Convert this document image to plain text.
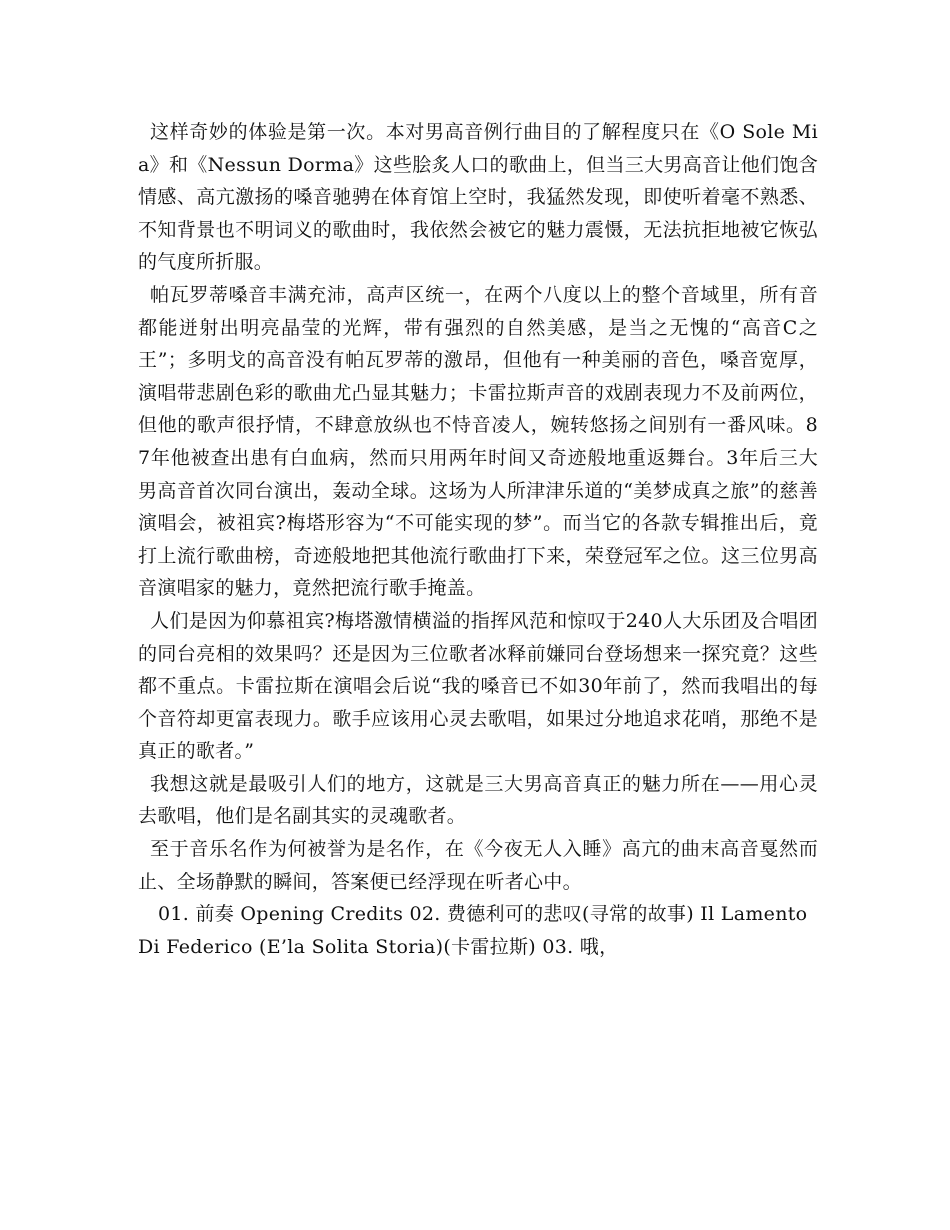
这样奇妙的体验是第一次。本对男高音例行曲目的了解程度只在《O Sole Mia》和《Nessun Dorma》这些脍炙人口的歌曲上，但当三大男高音让他们饱含情感、高亢激扬的嗓音驰骋在体育馆上空时，我猛然发现，即使听着毫不熟悉、不知背景也不明词义的歌曲时，我依然会被它的魅力震慑，无法抗拒地被它恢弘的气度所折服。

帕瓦罗蒂嗓音丰满充沛，高声区统一，在两个八度以上的整个音域里，所有音都能迸射出明亮晶莹的光辉，带有强烈的自然美感，是当之无愧的“高音C之王”；多明戈的高音没有帕瓦罗蒂的激昂，但他有一种美丽的音色，嗓音宽厚，演唱带悲剧色彩的歌曲尤凸显其魅力；卡雷拉斯声音的戏剧表现力不及前两位，但他的歌声很抒情，不肆意放纵也不恃音凌人，婉转悠扬之间别有一番风味。87年他被查出患有白血病，然而只用两年时间又奇迹般地重返舞台。3年后三大男高音首次同台演出，轰动全球。这场为人所津津乐道的“美梦成真之旅”的慈善演唱会，被祖宾?梅塔形容为“不可能实现的梦”。而当它的各款专辑推出后，竟打上流行歌曲榜，奇迹般地把其他流行歌曲打下来，荣登冠军之位。这三位男高音演唱家的魅力，竟然把流行歌手掩盖。

人们是因为仰慕祖宾?梅塔激情横溢的指挥风范和惊叹于240人大乐团及合唱团的同台亮相的效果吗？还是因为三位歌者冰释前嫌同台登场想来一探究竟？这些都不重点。卡雷拉斯在演唱会后说“我的嗓音已不如30年前了，然而我唱出的每个音符却更富表现力。歌手应该用心灵去歌唱，如果过分地追求花哨，那绝不是真正的歌者。”

我想这就是最吸引人们的地方，这就是三大男高音真正的魅力所在——用心灵去歌唱，他们是名副其实的灵魂歌者。

至于音乐名作为何被誉为是名作，在《今夜无人入睡》高亢的曲末高音戛然而止、全场静默的瞬间，答案便已经浮现在听者心中。

01. 前奏 Opening Credits 02. 费德利可的悲叹(寻常的故事) Il Lamento Di Federico (E’la Solita Storia)(卡雷拉斯) 03. 哦，
